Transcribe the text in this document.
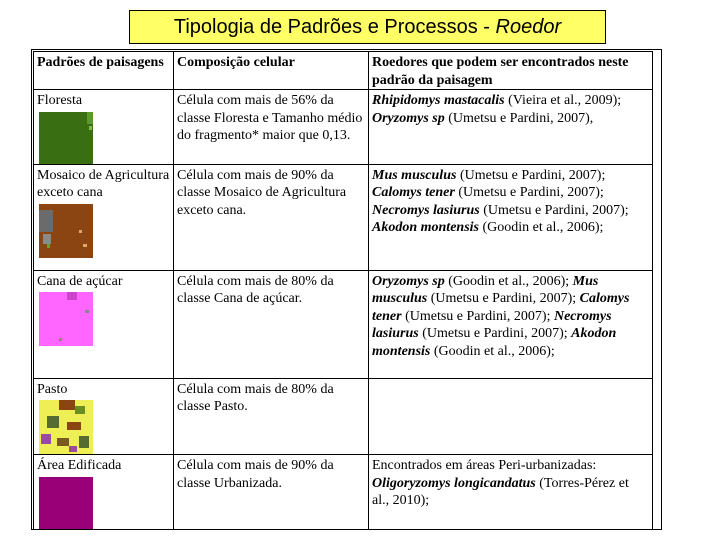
Tipologia de Padrões e Processos - Roedor
Padrões de paisagens	Composição celular	Roedores que podem ser encontrados neste padrão da paisagem
Floresta	Célula com mais de 56% da classe Floresta e Tamanho médio do fragmento* maior que 0,13.	Rhipidomys mastacalis (Vieira et al., 2009); Oryzomys sp (Umetsu e Pardini, 2007),
Mosaico de Agricultura exceto cana	Célula com mais de 90% da classe Mosaico de Agricultura exceto cana.	Mus musculus (Umetsu e Pardini, 2007); Calomys tener (Umetsu e Pardini, 2007); Necromys lasiurus (Umetsu e Pardini, 2007); Akodon montensis (Goodin et al., 2006);
Cana de açúcar	Célula com mais de 80% da classe Cana de açúcar.	Oryzomys sp (Goodin et al., 2006); Mus musculus (Umetsu e Pardini, 2007); Calomys tener (Umetsu e Pardini, 2007); Necromys lasiurus (Umetsu e Pardini, 2007); Akodon montensis (Goodin et al., 2006);
Pasto	Célula com mais de 80% da classe Pasto.	
Área Edificada	Célula com mais de 90% da classe Urbanizada.	Encontrados em áreas Peri-urbanizadas: Oligoryzomys longicandatus (Torres-Pérez et al., 2010);
